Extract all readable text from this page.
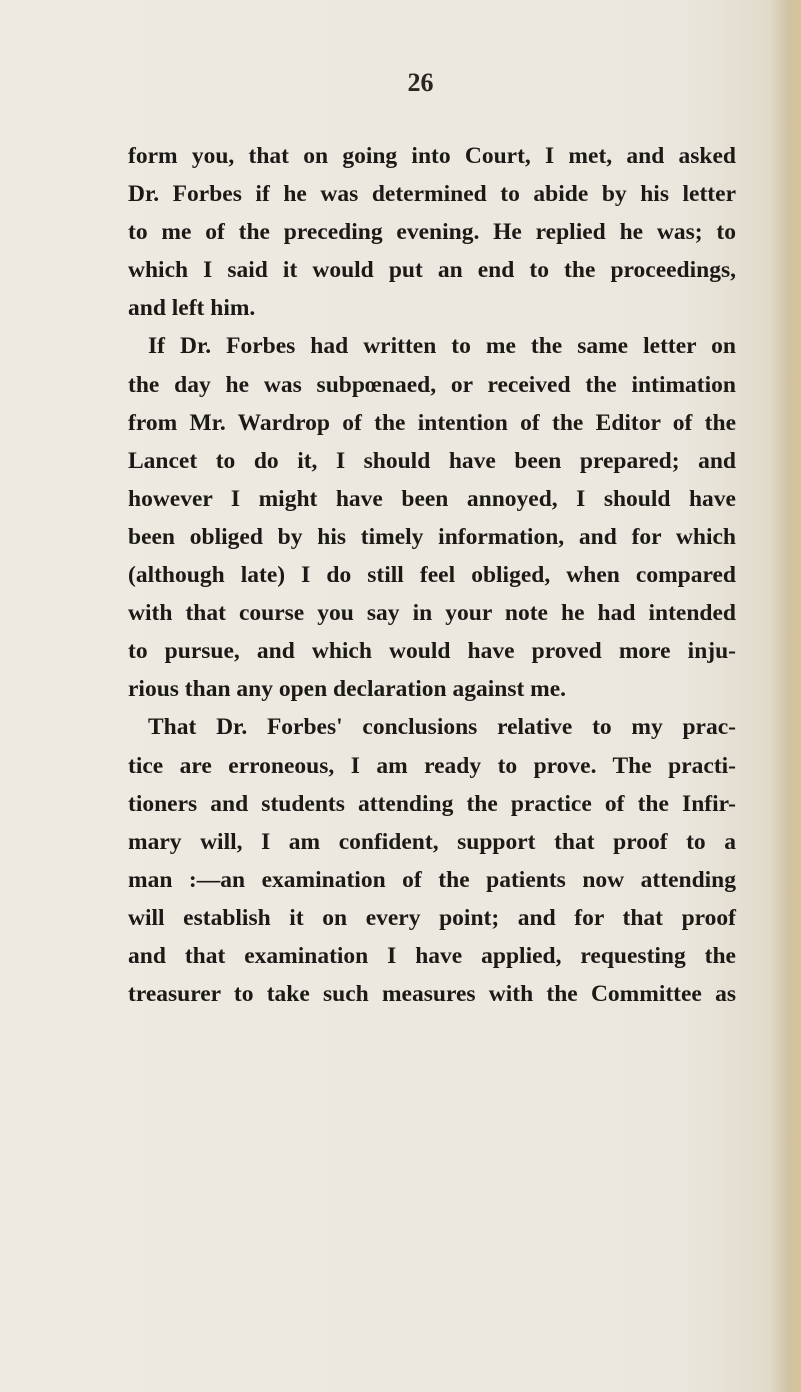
26
form you, that on going into Court, I met, and asked
Dr. Forbes if he was determined to abide by his letter
to me of the preceding evening. He replied he was; to
which I said it would put an end to the proceedings,
and left him.
If Dr. Forbes had written to me the same letter on
the day he was subpœnaed, or received the intimation
from Mr. Wardrop of the intention of the Editor of the
Lancet to do it, I should have been prepared; and
however I might have been annoyed, I should have
been obliged by his timely information, and for which
(although late) I do still feel obliged, when compared
with that course you say in your note he had intended
to pursue, and which would have proved more inju-
rious than any open declaration against me.
That Dr. Forbes' conclusions relative to my prac-
tice are erroneous, I am ready to prove. The practi-
tioners and students attending the practice of the Infir-
mary will, I am confident, support that proof to a
man :—an examination of the patients now attending
will establish it on every point; and for that proof
and that examination I have applied, requesting the
treasurer to take such measures with the Committee as
